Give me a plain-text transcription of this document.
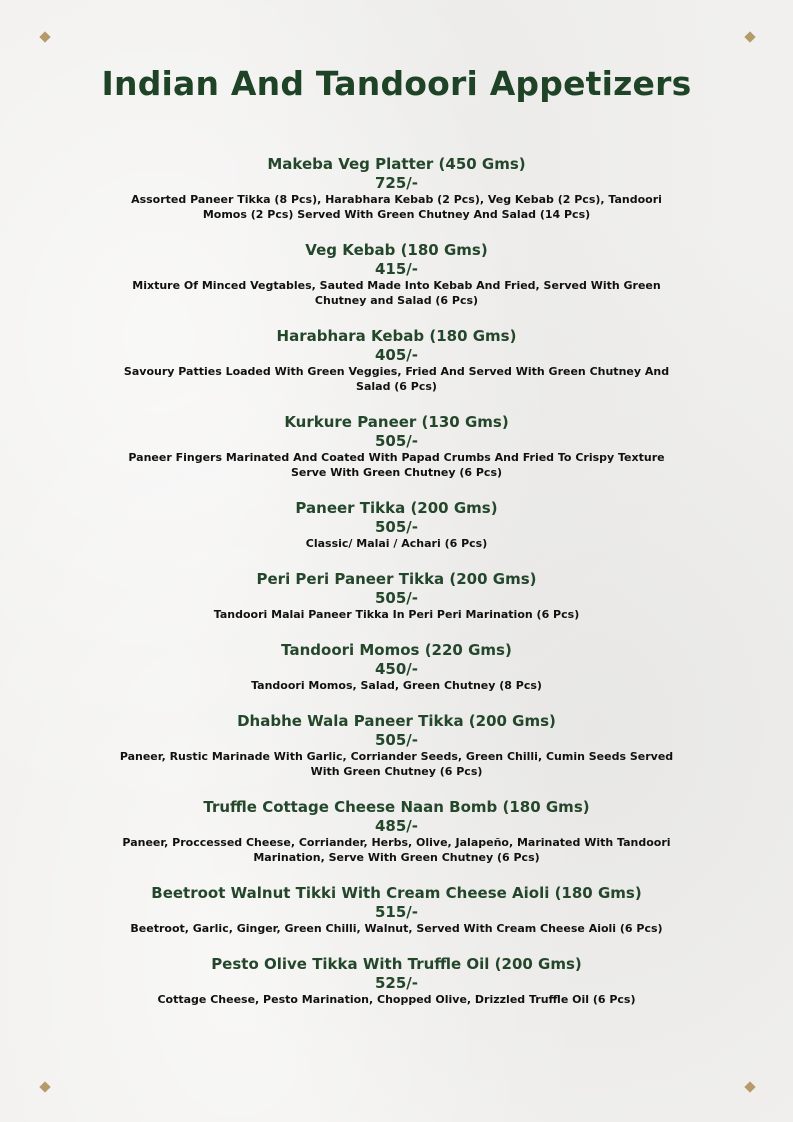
Indian And Tandoori Appetizers
Makeba Veg Platter (450 Gms)
725/-
Assorted Paneer Tikka (8 Pcs), Harabhara Kebab (2 Pcs), Veg Kebab (2 Pcs), Tandoori Momos (2 Pcs) Served With Green Chutney And Salad (14 Pcs)
Veg Kebab (180 Gms)
415/-
Mixture Of Minced Vegtables, Sauted Made Into Kebab And Fried, Served With Green Chutney and Salad (6 Pcs)
Harabhara Kebab (180 Gms)
405/-
Savoury Patties Loaded With Green Veggies, Fried And Served With Green Chutney And Salad (6 Pcs)
Kurkure Paneer (130 Gms)
505/-
Paneer Fingers Marinated And Coated With Papad Crumbs And Fried To Crispy Texture Serve With Green Chutney (6 Pcs)
Paneer Tikka (200 Gms)
505/-
Classic/ Malai / Achari (6 Pcs)
Peri Peri Paneer Tikka (200 Gms)
505/-
Tandoori Malai Paneer Tikka In Peri Peri Marination (6 Pcs)
Tandoori Momos (220 Gms)
450/-
Tandoori Momos, Salad, Green Chutney (8 Pcs)
Dhabhe Wala Paneer Tikka (200 Gms)
505/-
Paneer, Rustic Marinade With Garlic, Corriander Seeds, Green Chilli, Cumin Seeds Served With Green Chutney (6 Pcs)
Truffle Cottage Cheese Naan Bomb (180 Gms)
485/-
Paneer, Proccessed Cheese, Corriander, Herbs, Olive, Jalapeño, Marinated With Tandoori Marination, Serve With Green Chutney (6 Pcs)
Beetroot Walnut Tikki With Cream Cheese Aioli (180 Gms)
515/-
Beetroot, Garlic, Ginger, Green Chilli, Walnut, Served With Cream Cheese Aioli (6 Pcs)
Pesto Olive Tikka With Truffle Oil (200 Gms)
525/-
Cottage Cheese, Pesto Marination, Chopped Olive, Drizzled Truffle Oil (6 Pcs)
